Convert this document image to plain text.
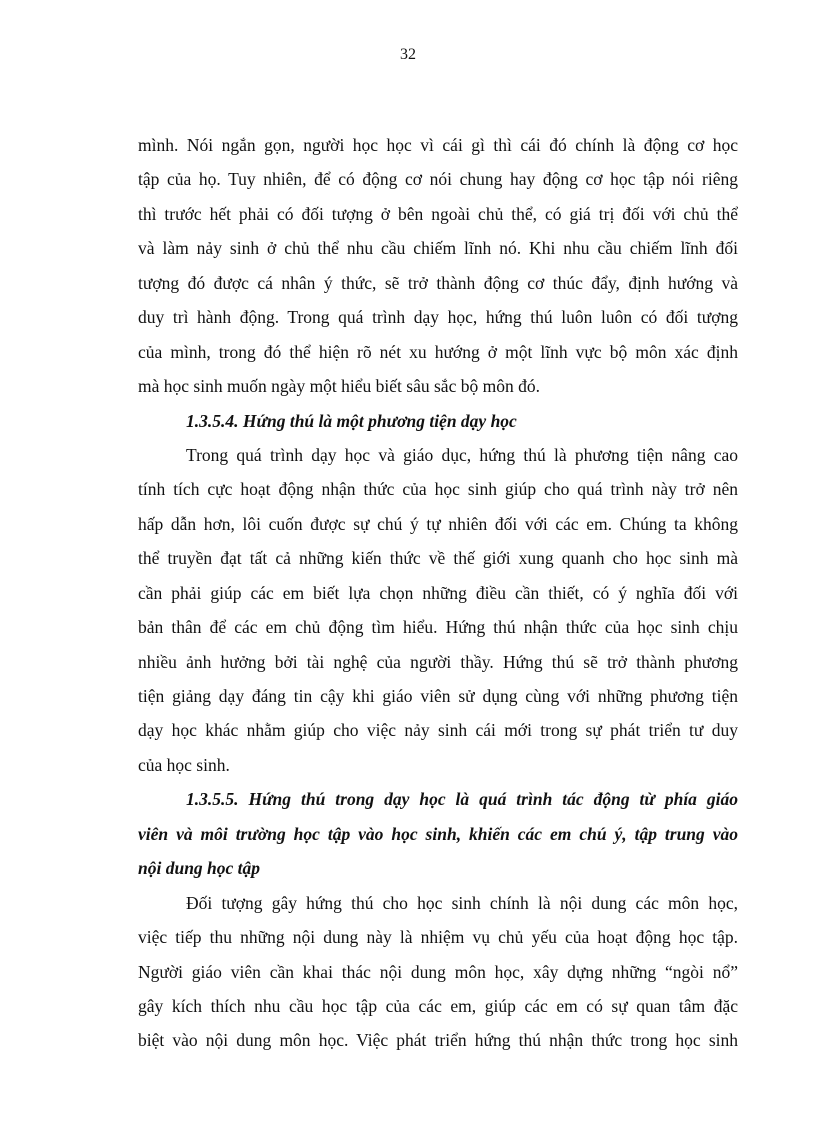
32
mình. Nói ngắn gọn, người học học vì cái gì thì cái đó chính là động cơ học
tập của họ. Tuy nhiên, để có động cơ nói chung hay động cơ học tập nói riêng
thì trước hết phải có đối tượng ở bên ngoài chủ thể, có giá trị đối với chủ thể
và làm nảy sinh ở chủ thể nhu cầu chiếm lĩnh nó. Khi nhu cầu chiếm lĩnh đối
tượng đó được cá nhân ý thức, sẽ trở thành động cơ thúc đẩy, định hướng và
duy trì hành động. Trong quá trình dạy học, hứng thú luôn luôn có đối tượng
của mình, trong đó thể hiện rõ nét xu hướng ở một lĩnh vực bộ môn xác định
mà học sinh muốn ngày một hiểu biết sâu sắc bộ môn đó.
1.3.5.4. Hứng thú là một phương tiện dạy học
Trong quá trình dạy học và giáo dục, hứng thú là phương tiện nâng cao
tính tích cực hoạt động nhận thức của học sinh giúp cho quá trình này trở nên
hấp dẫn hơn, lôi cuốn được sự chú ý tự nhiên đối với các em. Chúng ta không
thể truyền đạt tất cả những kiến thức về thế giới xung quanh cho học sinh mà
cần phải giúp các em biết lựa chọn những điều cần thiết, có ý nghĩa đối với
bản thân để các em chủ động tìm hiểu. Hứng thú nhận thức của học sinh chịu
nhiều ảnh hưởng bởi tài nghệ của người thầy. Hứng thú sẽ trở thành phương
tiện giảng dạy đáng tin cậy khi giáo viên sử dụng cùng với những phương tiện
dạy học khác nhằm giúp cho việc nảy sinh cái mới trong sự phát triển tư duy
của học sinh.
1.3.5.5. Hứng thú trong dạy học là quá trình tác động từ phía giáo
viên và môi trường học tập vào học sinh, khiến các em chú ý, tập trung vào
nội dung học tập
Đối tượng gây hứng thú cho học sinh chính là nội dung các môn học,
việc tiếp thu những nội dung này là nhiệm vụ chủ yếu của hoạt động học tập.
Người giáo viên cần khai thác nội dung môn học, xây dựng những “ngòi nổ”
gây kích thích nhu cầu học tập của các em, giúp các em có sự quan tâm đặc
biệt vào nội dung môn học. Việc phát triển hứng thú nhận thức trong học sinh
